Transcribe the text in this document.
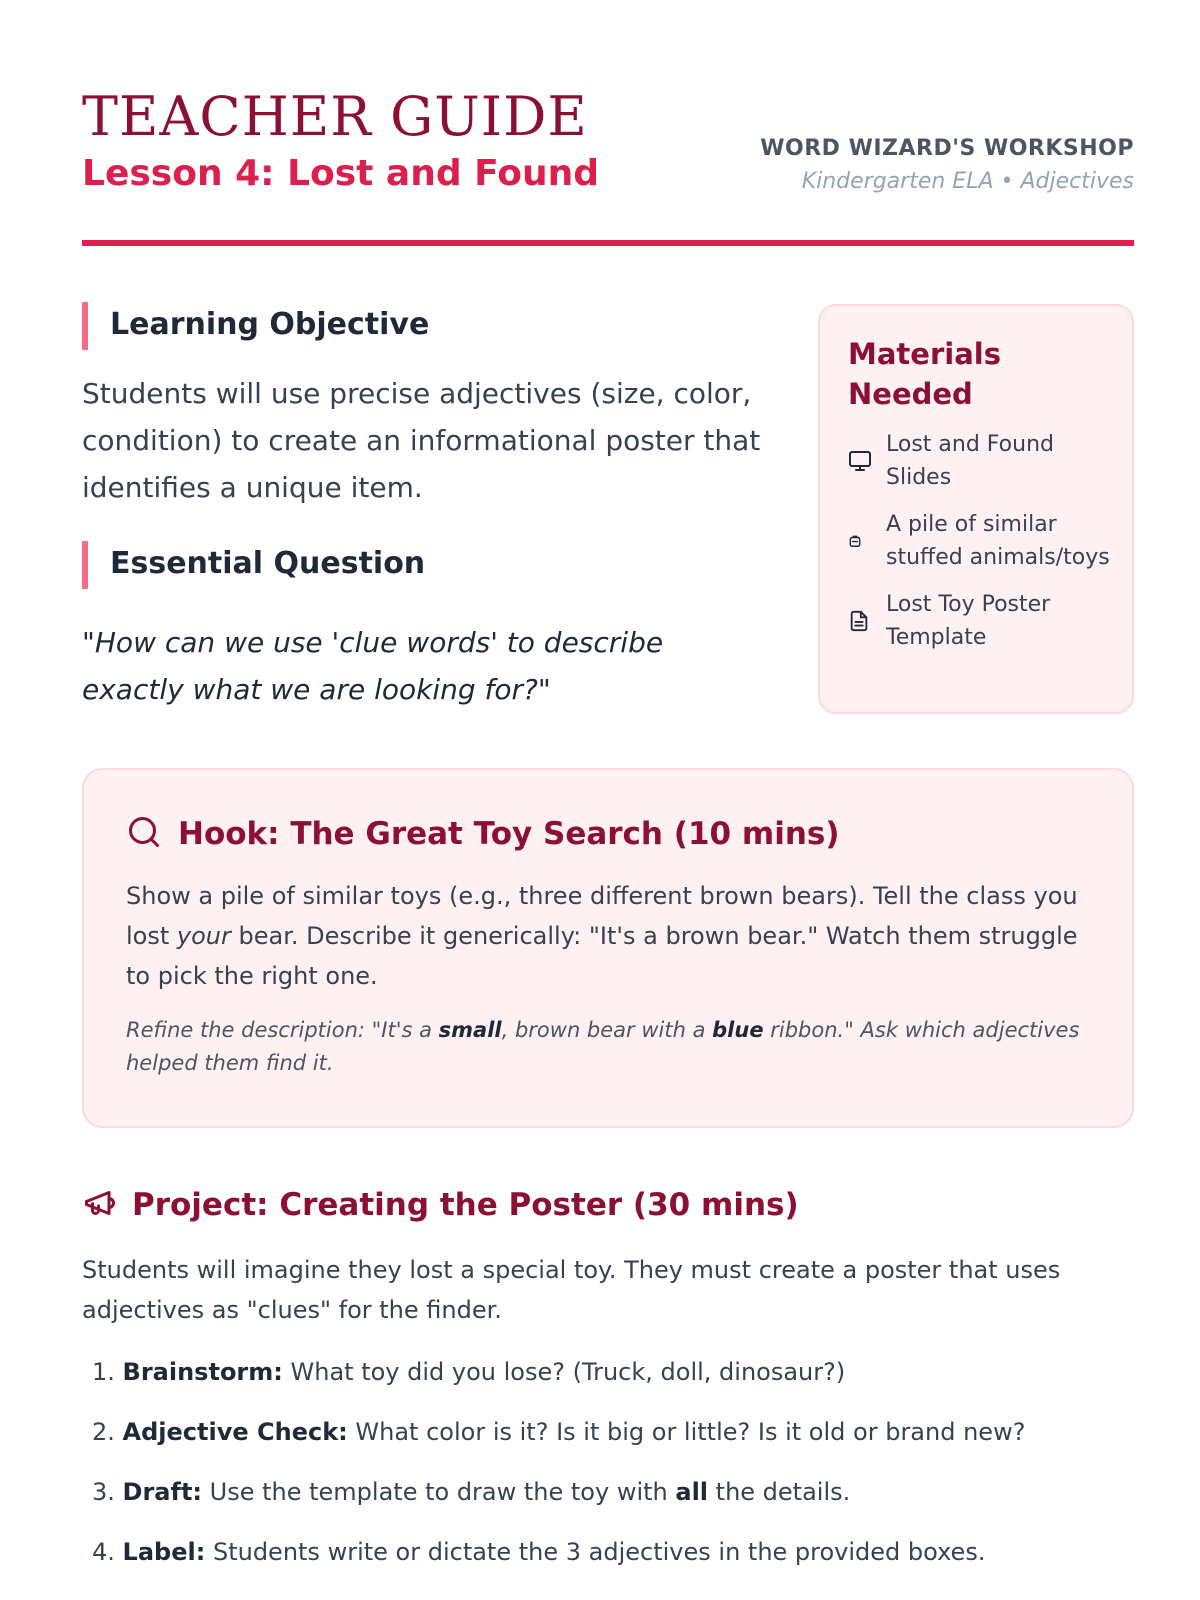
TEACHER GUIDE
Lesson 4: Lost and Found
WORD WIZARD'S WORKSHOP
Kindergarten ELA • Adjectives
Learning Objective

Students will use precise adjectives (size, color, condition) to create an informational poster that identifies a unique item.

Essential Question

"How can we use 'clue words' to describe exactly what we are looking for?"

Materials Needed
Lost and Found Slides
A pile of similar stuffed animals/toys
Lost Toy Poster Template
Hook: The Great Toy Search (10 mins)

Show a pile of similar toys (e.g., three different brown bears). Tell the class you lost your bear. Describe it generically: "It's a brown bear." Watch them struggle to pick the right one.

Refine the description: "It's a small, brown bear with a blue ribbon." Ask which adjectives helped them find it.

Project: Creating the Poster (30 mins)

Students will imagine they lost a special toy. They must create a poster that uses adjectives as "clues" for the finder.

1. Brainstorm: What toy did you lose? (Truck, doll, dinosaur?)
2. Adjective Check: What color is it? Is it big or little? Is it old or brand new?
3. Draft: Use the template to draw the toy with all the details.
4. Label: Students write or dictate the 3 adjectives in the provided boxes.
